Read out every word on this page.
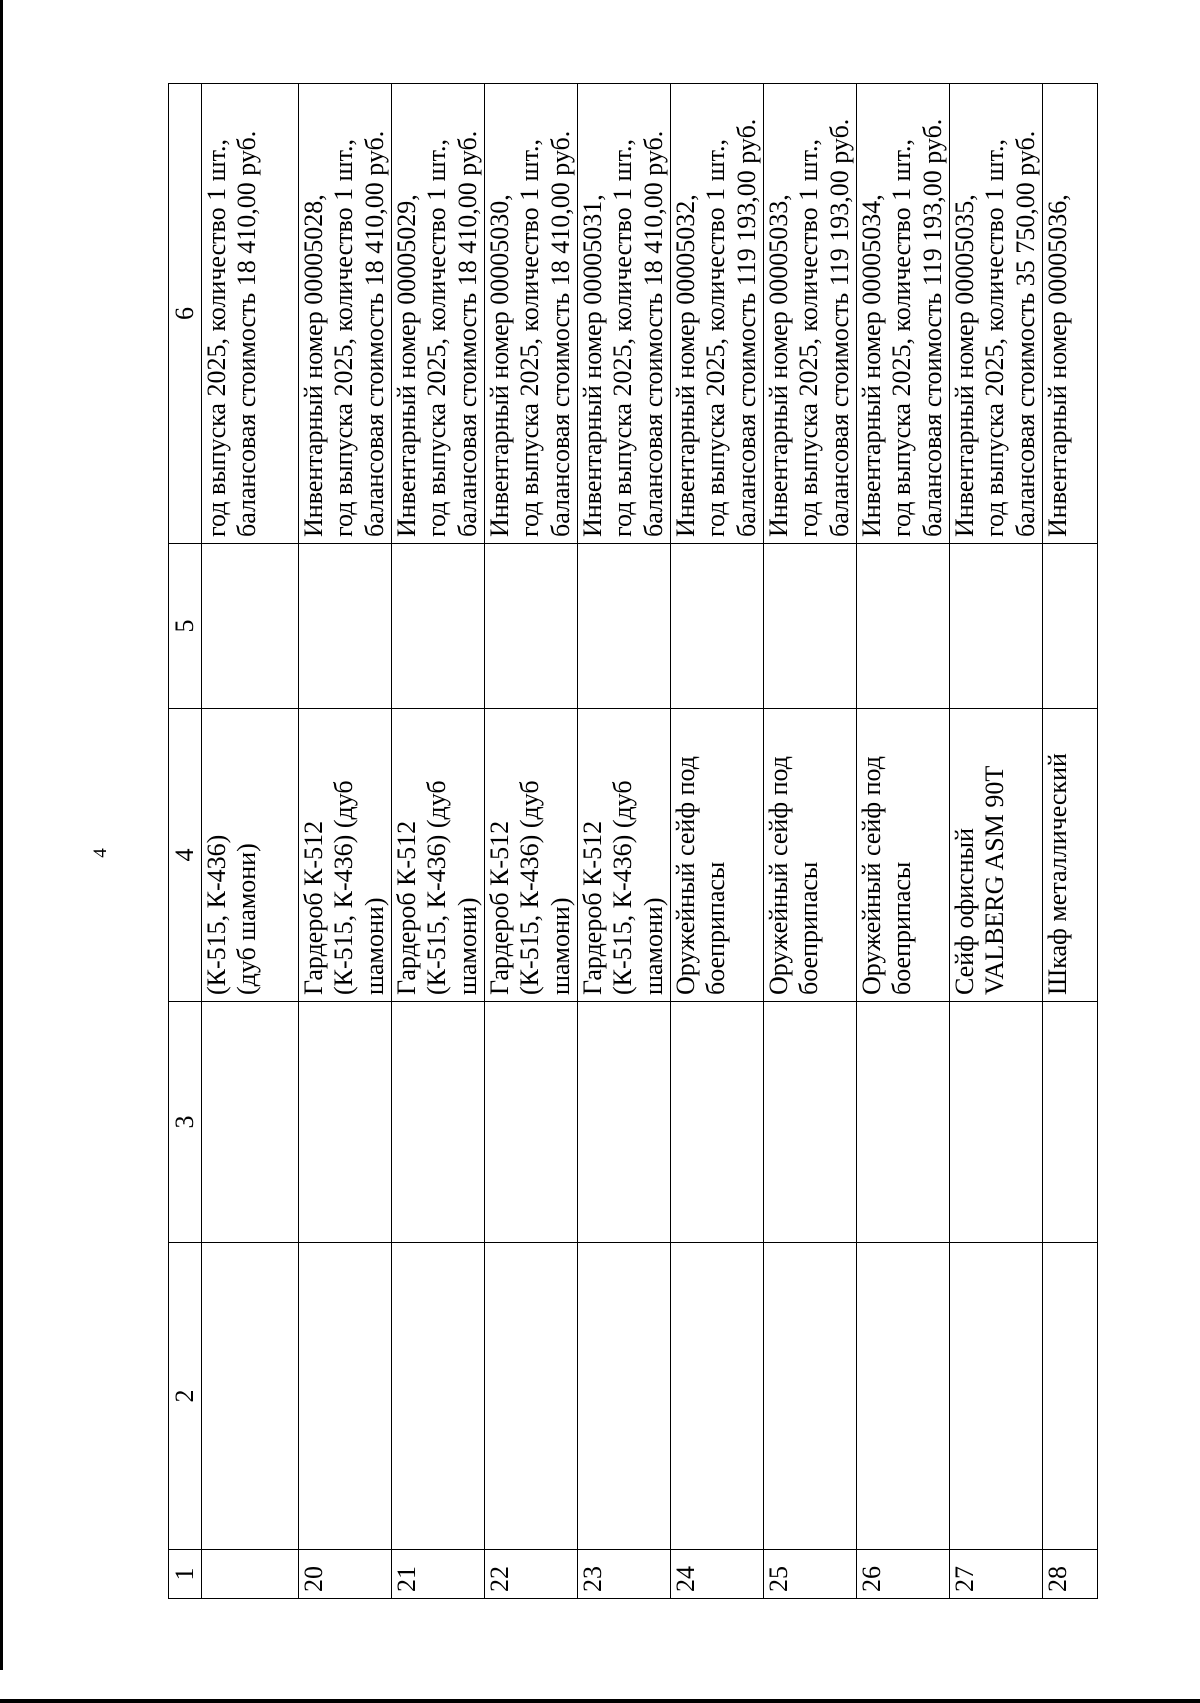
4
1	2	3	4	5	6
			(К-515, К-436)
(дуб шамони)		год выпуска 2025, количество 1 шт.,
балансовая стоимость 18 410,00 руб.
20			Гардероб К-512
(К-515, К-436) (дуб
шамони)		Инвентарный номер 00005028,
год выпуска 2025, количество 1 шт.,
балансовая стоимость 18 410,00 руб.
21			Гардероб К-512
(К-515, К-436) (дуб
шамони)		Инвентарный номер 00005029,
год выпуска 2025, количество 1 шт.,
балансовая стоимость 18 410,00 руб.
22			Гардероб К-512
(К-515, К-436) (дуб
шамони)		Инвентарный номер 00005030,
год выпуска 2025, количество 1 шт.,
балансовая стоимость 18 410,00 руб.
23			Гардероб К-512
(К-515, К-436) (дуб
шамони)		Инвентарный номер 00005031,
год выпуска 2025, количество 1 шт.,
балансовая стоимость 18 410,00 руб.
24			Оружейный сейф под
боеприпасы		Инвентарный номер 00005032,
год выпуска 2025, количество 1 шт.,
балансовая стоимость 119 193,00 руб.
25			Оружейный сейф под
боеприпасы		Инвентарный номер 00005033,
год выпуска 2025, количество 1 шт.,
балансовая стоимость 119 193,00 руб.
26			Оружейный сейф под
боеприпасы		Инвентарный номер 00005034,
год выпуска 2025, количество 1 шт.,
балансовая стоимость 119 193,00 руб.
27			Сейф офисный
VALBERG ASM 90T		Инвентарный номер 00005035,
год выпуска 2025, количество 1 шт.,
балансовая стоимость 35 750,00 руб.
28			Шкаф металлический		Инвентарный номер 00005036,
